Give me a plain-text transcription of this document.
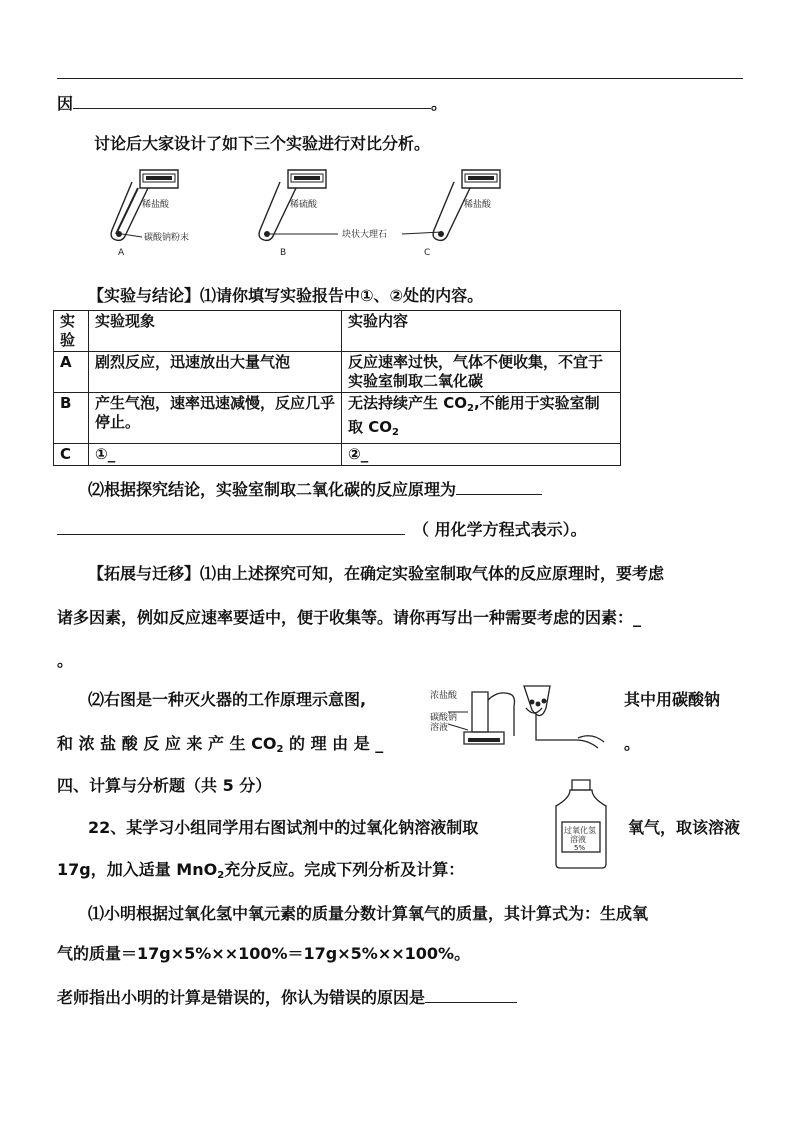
因	。
讨论后大家设计了如下三个实验进行对比分析。
稀盐酸	稀硫酸	稀盐酸
碳酸钠粉末	块状大理石
A	B	C
【实验与结论】⑴请你填写实验报告中①、②处的内容。
实验	实验现象	实验内容
A	剧烈反应，迅速放出大量气泡	反应速率过快，气体不便收集，不宜于实验室制取二氧化碳
B	产生气泡，速率迅速减慢，反应几乎停止。	无法持续产生 $CO_2$,不能用于实验室制取 $CO_2$
C	①_	②_
⑵根据探究结论，实验室制取二氧化碳的反应原理为
（ 用化学方程式表示）。
【拓展与迁移】⑴由上述探究可知，在确定实验室制取气体的反应原理时，要考虑
诸多因素，例如反应速率要适中，便于收集等。请你再写出一种需要考虑的因素：_
。
⑵右图是一种灭火器的工作原理示意图,	其中用碳酸钠
浓盐酸
碳酸钠
溶液
和 浓 盐 酸 反 应 来 产 生 $CO_2$ 的 理 由 是 _	。
四、计算与分析题（共 5 分）
过氧化氢
溶液
5%
22、某学习小组同学用右图试剂中的过氧化钠溶液制取	氧气，取该溶液
17g，加入适量 MnO$_2$充分反应。完成下列分析及计算：
⑴小明根据过氧化氢中氧元素的质量分数计算氧气的质量，其计算式为：生成氧
气的质量＝17g×5%××100%＝17g×5%××100%。
老师指出小明的计算是错误的，你认为错误的原因是
